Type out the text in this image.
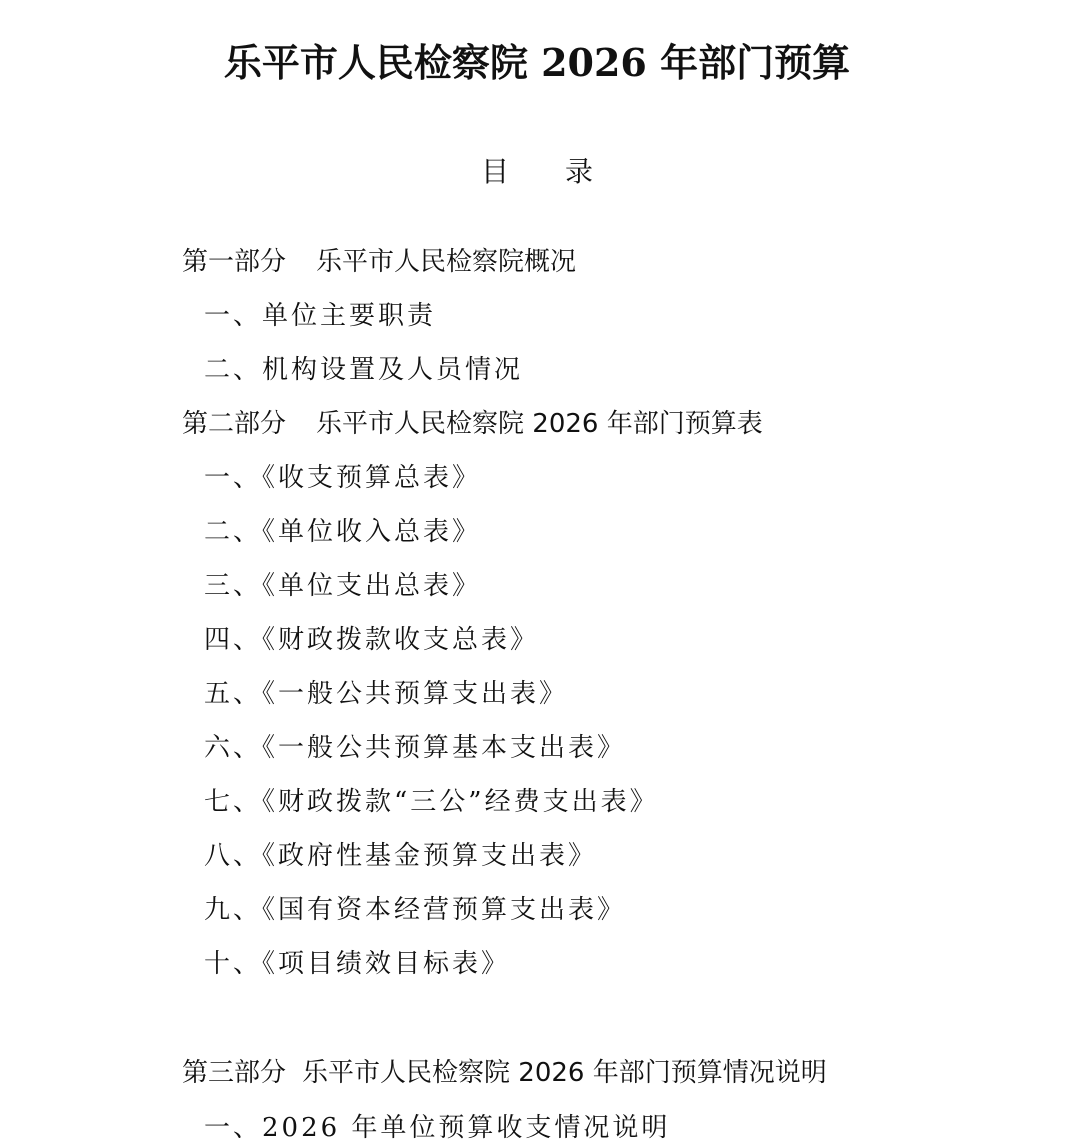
乐平市人民检察院 2026 年部门预算
目 录
第一部分 乐平市人民检察院概况
一、单位主要职责
二、机构设置及人员情况
第二部分 乐平市人民检察院 2026 年部门预算表
一、《收支预算总表》
二、《单位收入总表》
三、《单位支出总表》
四、《财政拨款收支总表》
五、《一般公共预算支出表》
六、《一般公共预算基本支出表》
七、《财政拨款“三公”经费支出表》
八、《政府性基金预算支出表》
九、《国有资本经营预算支出表》
十、《项目绩效目标表》
第三部分 乐平市人民检察院 2026 年部门预算情况说明
一、2026 年单位预算收支情况说明
